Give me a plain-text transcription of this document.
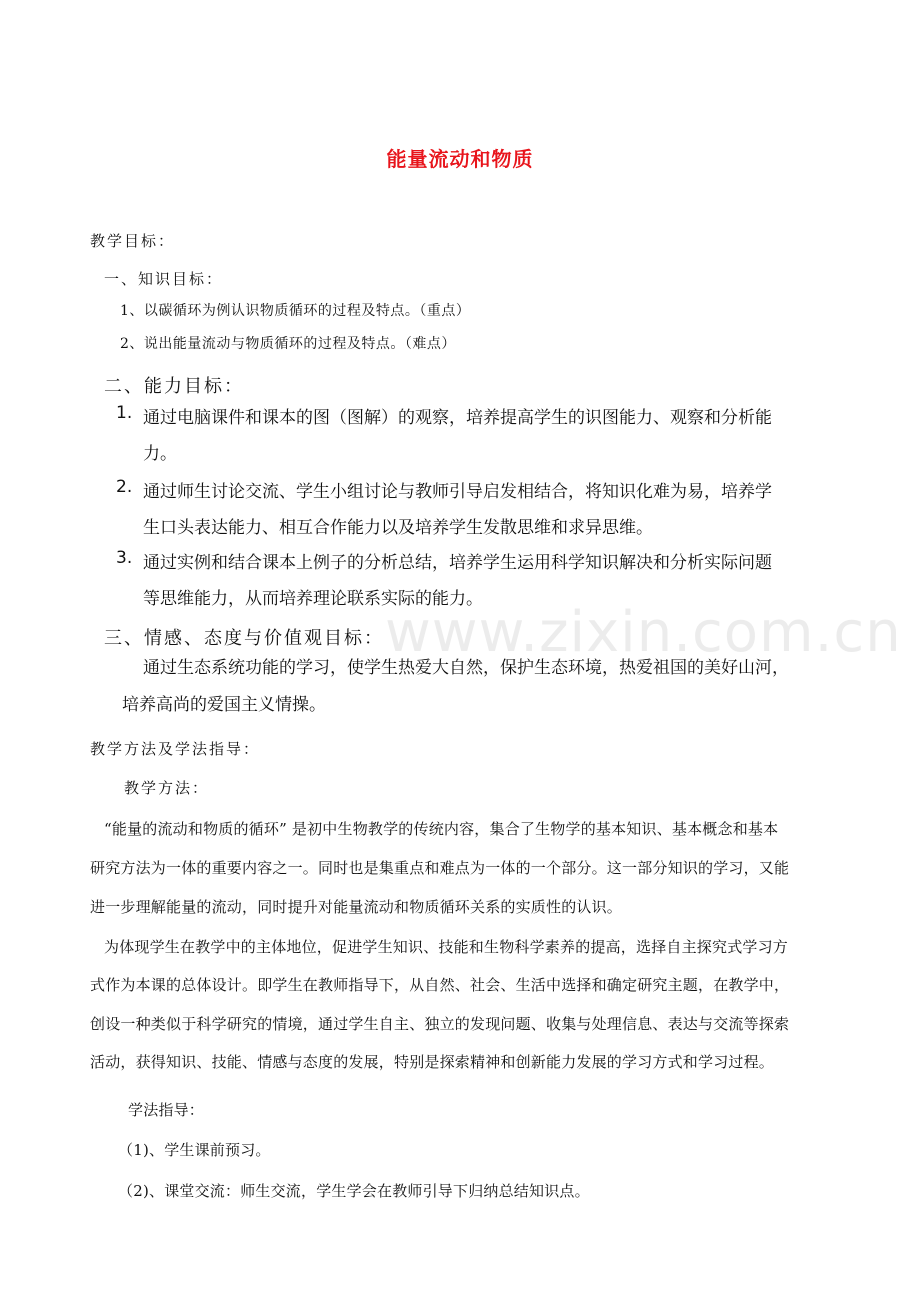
www.zixin.com.cn
能量流动和物质
教学目标：
一、知识目标：
1、以碳循环为例认识物质循环的过程及特点。（重点）
2、说出能量流动与物质循环的过程及特点。（难点）
二、能力目标：
1. 通过电脑课件和课本的图（图解）的观察，培养提高学生的识图能力、观察和分析能
力。
2. 通过师生讨论交流、学生小组讨论与教师引导启发相结合，将知识化难为易，培养学
生口头表达能力、相互合作能力以及培养学生发散思维和求异思维。
3. 通过实例和结合课本上例子的分析总结，培养学生运用科学知识解决和分析实际问题
等思维能力，从而培养理论联系实际的能力。
三、情感、态度与价值观目标：
通过生态系统功能的学习，使学生热爱大自然，保护生态环境，热爱祖国的美好山河，
培养高尚的爱国主义情操。
教学方法及学法指导：
教学方法：
“能量的流动和物质的循环” 是初中生物教学的传统内容，集合了生物学的基本知识、基本概念和基本
研究方法为一体的重要内容之一。同时也是集重点和难点为一体的一个部分。这一部分知识的学习，又能
进一步理解能量的流动，同时提升对能量流动和物质循环关系的实质性的认识。
为体现学生在教学中的主体地位，促进学生知识、技能和生物科学素养的提高，选择自主探究式学习方
式作为本课的总体设计。即学生在教师指导下，从自然、社会、生活中选择和确定研究主题，在教学中，
创设一种类似于科学研究的情境，通过学生自主、独立的发现问题、收集与处理信息、表达与交流等探索
活动，获得知识、技能、情感与态度的发展，特别是探索精神和创新能力发展的学习方式和学习过程。
学法指导：
（1)、学生课前预习。
（2)、课堂交流：师生交流，学生学会在教师引导下归纳总结知识点。
